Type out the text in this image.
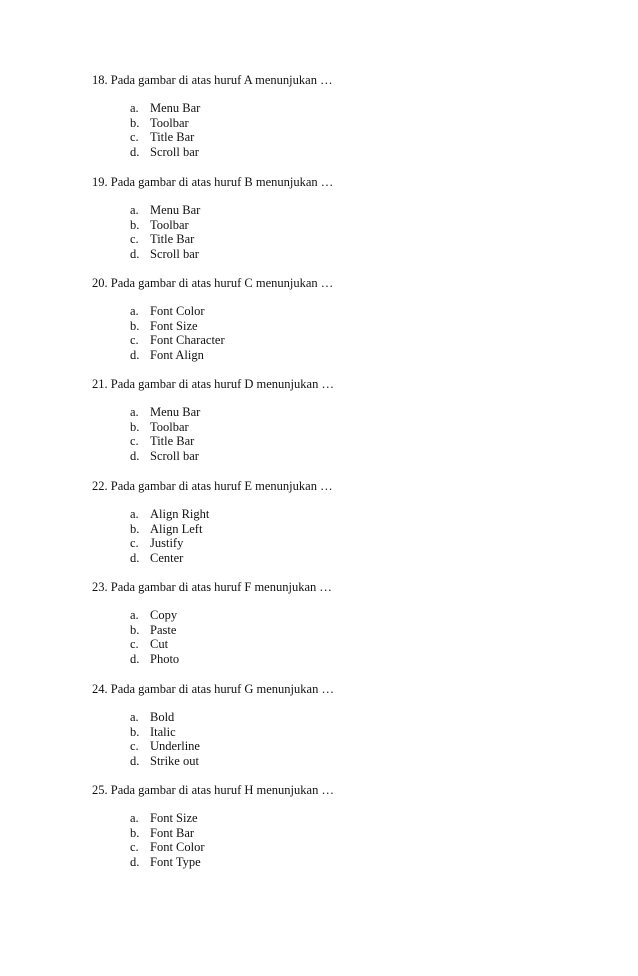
18. Pada gambar di atas huruf A menunjukan …

a. Menu Bar
b. Toolbar
c. Title Bar
d. Scroll bar

19. Pada gambar di atas huruf B menunjukan …

a. Menu Bar
b. Toolbar
c. Title Bar
d. Scroll bar

20. Pada gambar di atas huruf C menunjukan …

a. Font Color
b. Font Size
c. Font Character
d. Font Align

21. Pada gambar di atas huruf D menunjukan …

a. Menu Bar
b. Toolbar
c. Title Bar
d. Scroll bar

22. Pada gambar di atas huruf E menunjukan …

a. Align Right
b. Align Left
c. Justify
d. Center

23. Pada gambar di atas huruf F menunjukan …

a. Copy
b. Paste
c. Cut
d. Photo

24. Pada gambar di atas huruf G menunjukan …

a. Bold
b. Italic
c. Underline
d. Strike out

25. Pada gambar di atas huruf H menunjukan …

a. Font Size
b. Font Bar
c. Font Color
d. Font Type
